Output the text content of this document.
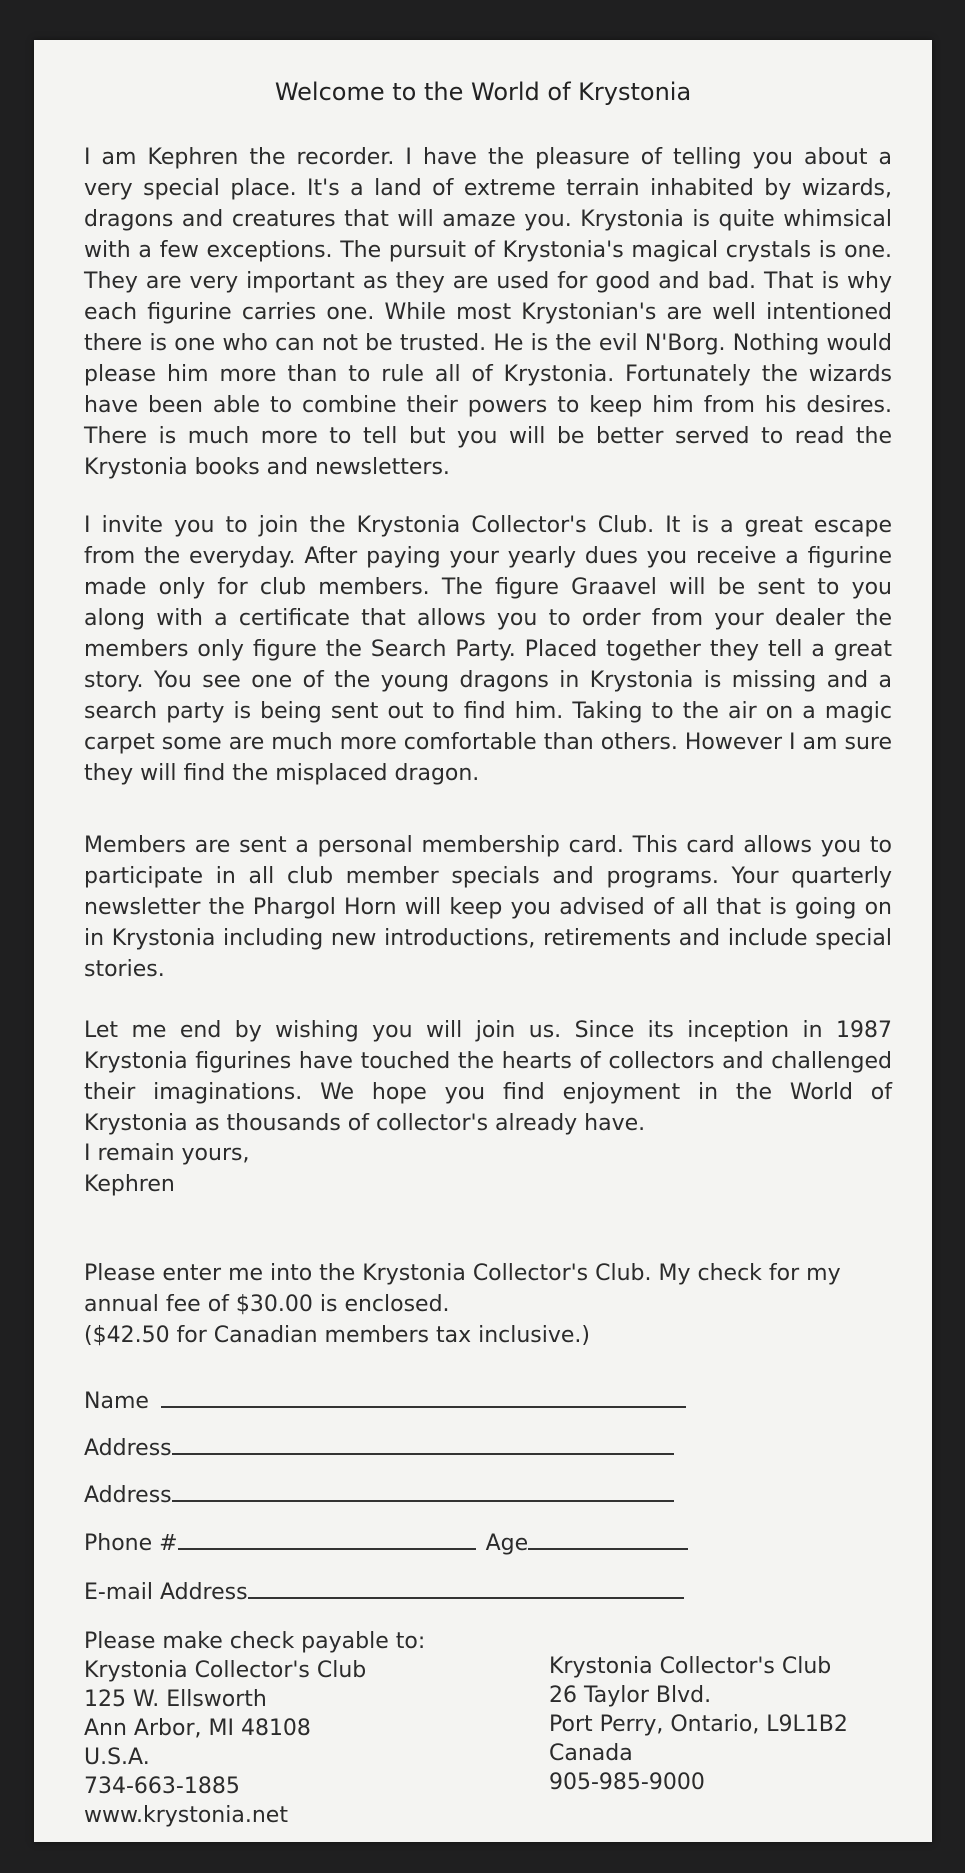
Welcome to the World of Krystonia

I am Kephren the recorder. I have the pleasure of telling you about a very special place. It's a land of extreme terrain inhabited by wizards, dragons and creatures that will amaze you. Krystonia is quite whimsical with a few exceptions. The pursuit of Krystonia's magical crystals is one. They are very important as they are used for good and bad. That is why each figurine carries one. While most Krystonian's are well intentioned there is one who can not be trusted. He is the evil N'Borg. Nothing would please him more than to rule all of Krystonia. Fortunately the wizards have been able to combine their powers to keep him from his desires. There is much more to tell but you will be better served to read the Krystonia books and newsletters.

I invite you to join the Krystonia Collector's Club. It is a great escape from the everyday. After paying your yearly dues you receive a figurine made only for club members. The figure Graavel will be sent to you along with a certificate that allows you to order from your dealer the members only figure the Search Party. Placed together they tell a great story. You see one of the young dragons in Krystonia is missing and a search party is being sent out to find him. Taking to the air on a magic carpet some are much more comfortable than others. However I am sure they will find the misplaced dragon.

Members are sent a personal membership card. This card allows you to participate in all club member specials and programs. Your quarterly newsletter the Phargol Horn will keep you advised of all that is going on in Krystonia including new introductions, retirements and include special stories.

Let me end by wishing you will join us. Since its inception in 1987 Krystonia figurines have touched the hearts of collectors and challenged their imaginations. We hope you find enjoyment in the World of Krystonia as thousands of collector's already have.

I remain yours,
Kephren
Please enter me into the Krystonia Collector's Club. My check for my
annual fee of $30.00 is enclosed.
($42.50 for Canadian members tax inclusive.)
Name
Address
Address
Phone #	Age
E-mail Address
Please make check payable to:
Krystonia Collector's Club
125 W. Ellsworth
Ann Arbor, MI 48108
U.S.A.
734-663-1885
www.krystonia.net
Krystonia Collector's Club
26 Taylor Blvd.
Port Perry, Ontario, L9L1B2
Canada
905-985-9000
